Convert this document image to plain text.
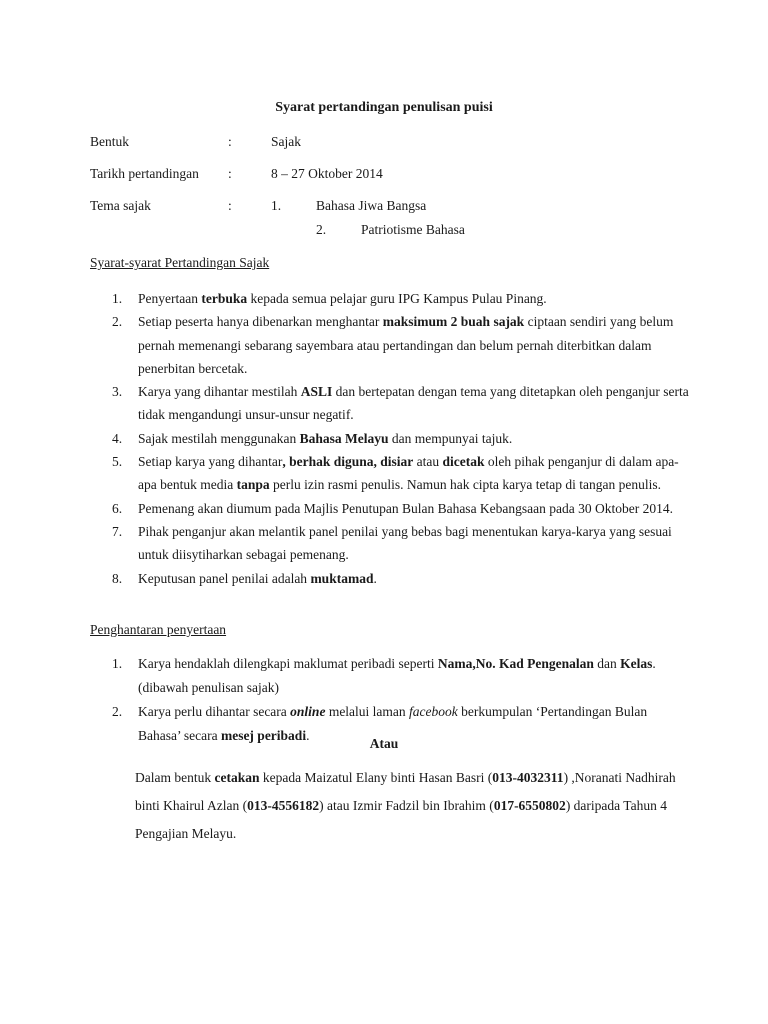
Syarat pertandingan penulisan puisi
Bentuk	:	Sajak
Tarikh pertandingan :	8 – 27 Oktober 2014
Tema sajak	:	1.	Bahasa Jiwa Bangsa
2.	Patriotisme Bahasa
Syarat-syarat Pertandingan Sajak
1. Penyertaan terbuka kepada semua pelajar guru IPG Kampus Pulau Pinang.
2. Setiap peserta hanya dibenarkan menghantar maksimum 2 buah sajak ciptaan sendiri yang belum pernah memenangi sebarang sayembara atau pertandingan dan belum pernah diterbitkan dalam penerbitan bercetak.
3. Karya yang dihantar mestilah ASLI dan bertepatan dengan tema yang ditetapkan oleh penganjur serta tidak mengandungi unsur-unsur negatif.
4. Sajak mestilah menggunakan Bahasa Melayu dan mempunyai tajuk.
5. Setiap karya yang dihantar, berhak diguna, disiar atau dicetak oleh pihak penganjur di dalam apa-apa bentuk media tanpa perlu izin rasmi penulis. Namun hak cipta karya tetap di tangan penulis.
6. Pemenang akan diumum pada Majlis Penutupan Bulan Bahasa Kebangsaan pada 30 Oktober 2014.
7. Pihak penganjur akan melantik panel penilai yang bebas bagi menentukan karya-karya yang sesuai untuk diisytiharkan sebagai pemenang.
8. Keputusan panel penilai adalah muktamad.
Penghantaran penyertaan
1. Karya hendaklah dilengkapi maklumat peribadi seperti Nama,No. Kad Pengenalan dan Kelas. (dibawah penulisan sajak)
2. Karya perlu dihantar secara online melalui laman facebook berkumpulan ‘Pertandingan Bulan Bahasa’ secara mesej peribadi.
Atau
Dalam bentuk cetakan kepada Maizatul Elany binti Hasan Basri (013-4032311) ,Noranati Nadhirah binti Khairul Azlan (013-4556182) atau Izmir Fadzil bin Ibrahim (017-6550802) daripada Tahun 4 Pengajian Melayu.
